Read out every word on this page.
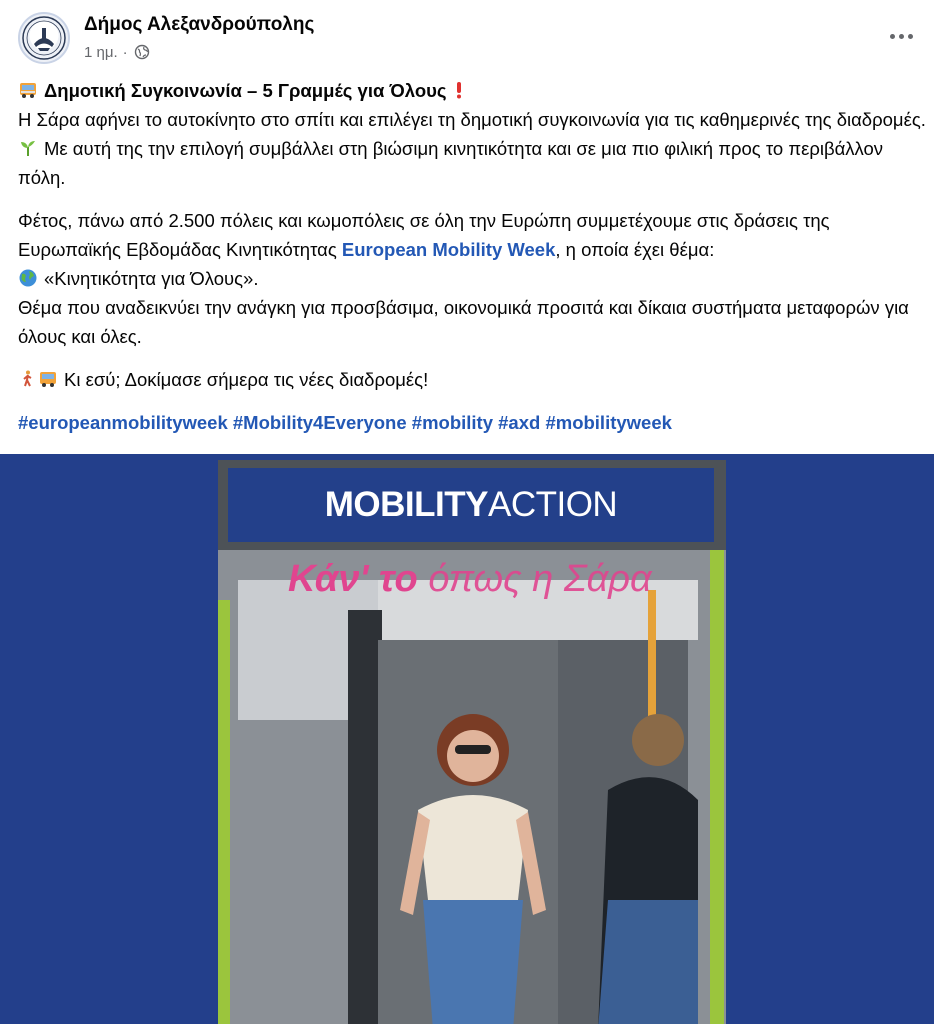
Δήμος Αλεξανδρούπολης
1 ημ. ·

Δημοτική Συγκοινωνία – 5 Γραμμές για Όλους

Η Σάρα αφήνει το αυτοκίνητο στο σπίτι και επιλέγει τη δημοτική συγκοινωνία για τις καθημερινές της διαδρομές.

Με αυτή της την επιλογή συμβάλλει στη βιώσιμη κινητικότητα και σε μια πιο φιλική προς το περιβάλλον πόλη.

Φέτος, πάνω από 2.500 πόλεις και κωμοπόλεις σε όλη την Ευρώπη συμμετέχουμε στις δράσεις της Ευρωπαϊκής Εβδομάδας Κινητικότητας European Mobility Week, η οποία έχει θέμα:

«Κινητικότητα για Όλους».

Θέμα που αναδεικνύει την ανάγκη για προσβάσιμα, οικονομικά προσιτά και δίκαια συστήματα μεταφορών για όλους και όλες.

Κι εσύ; Δοκίμασε σήμερα τις νέες διαδρομές!

#europeanmobilityweek #Mobility4Everyone #mobility #axd #mobilityweek

MOBILITY ACTION
Κάν' το όπως η Σάρα
